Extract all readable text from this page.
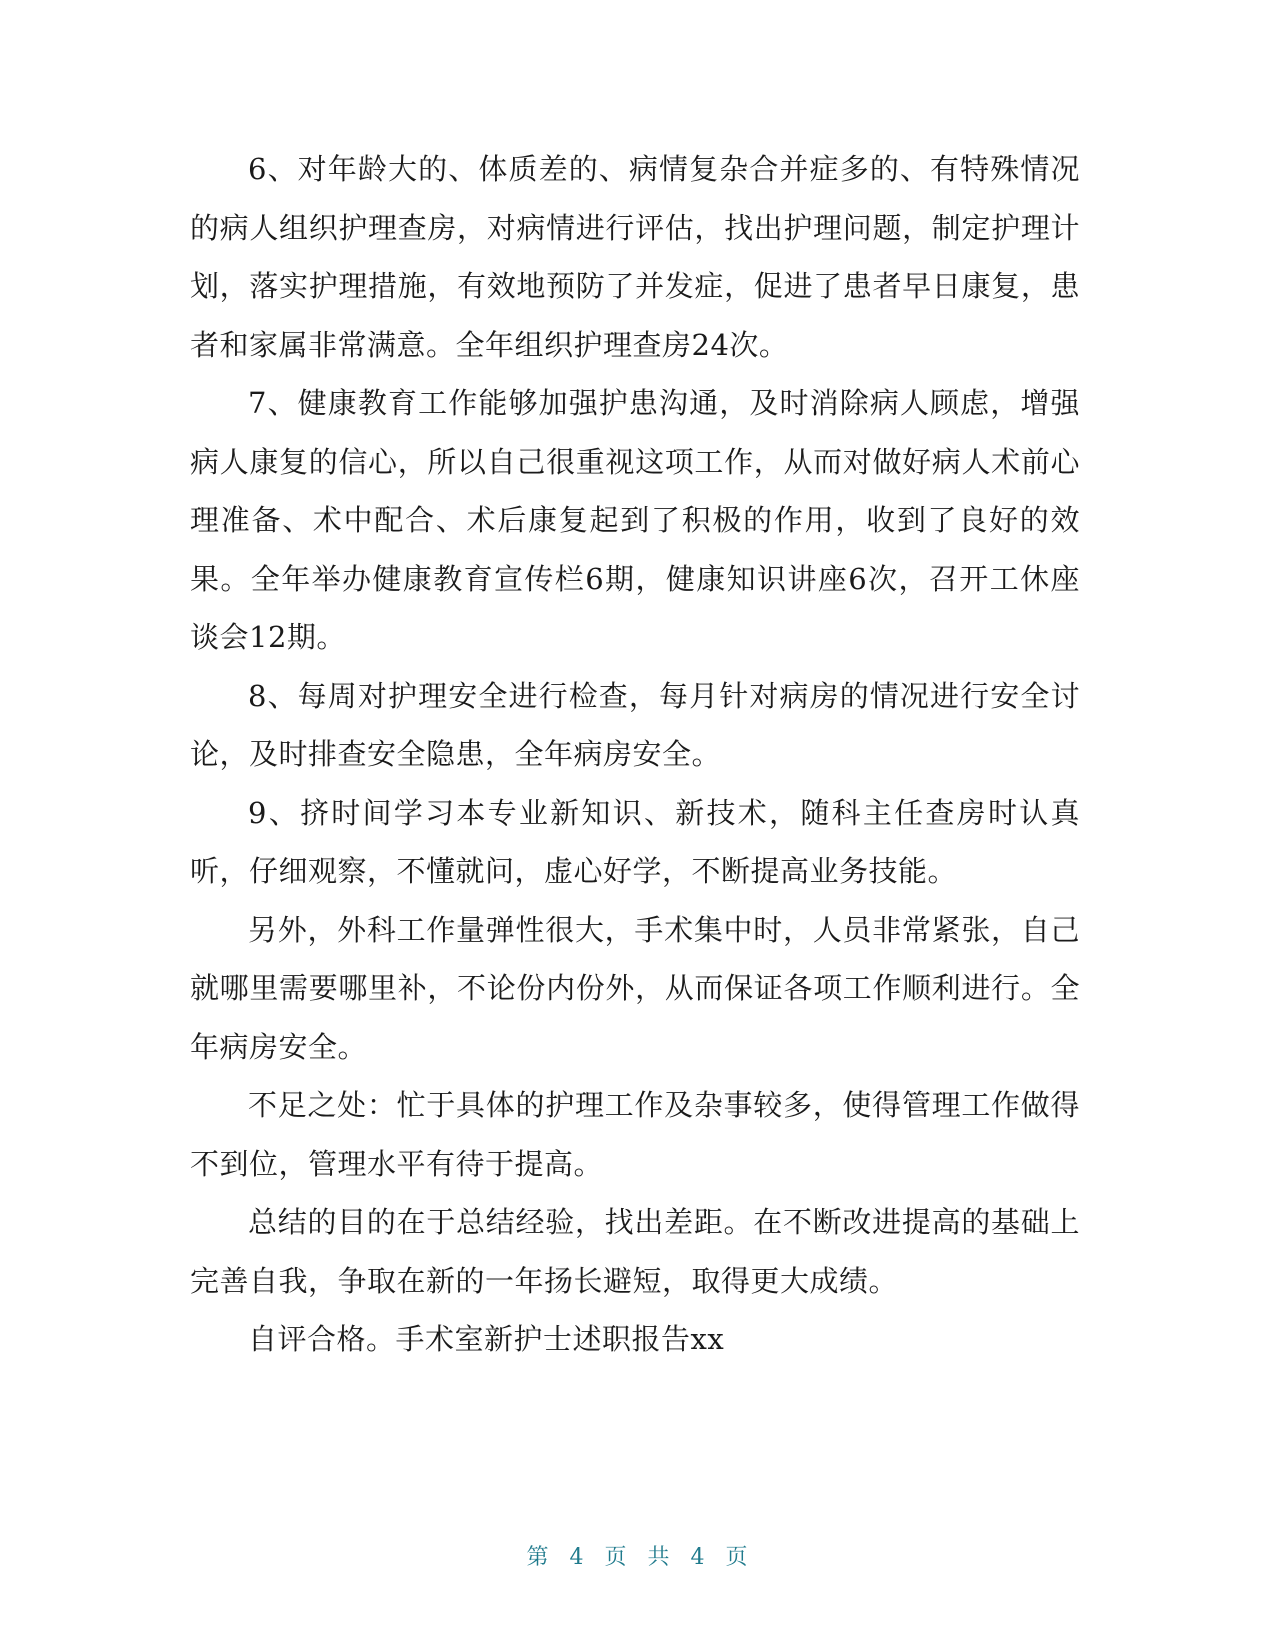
6、对年龄大的、体质差的、病情复杂合并症多的、有特殊情况的病人组织护理查房，对病情进行评估，找出护理问题，制定护理计划，落实护理措施，有效地预防了并发症，促进了患者早日康复，患者和家属非常满意。全年组织护理查房24次。

7、健康教育工作能够加强护患沟通，及时消除病人顾虑，增强病人康复的信心，所以自己很重视这项工作，从而对做好病人术前心理准备、术中配合、术后康复起到了积极的作用，收到了良好的效果。全年举办健康教育宣传栏6期，健康知识讲座6次，召开工休座谈会12期。

8、每周对护理安全进行检查，每月针对病房的情况进行安全讨论，及时排查安全隐患，全年病房安全。

9、挤时间学习本专业新知识、新技术，随科主任查房时认真听，仔细观察，不懂就问，虚心好学，不断提高业务技能。

另外，外科工作量弹性很大，手术集中时，人员非常紧张，自己就哪里需要哪里补，不论份内份外，从而保证各项工作顺利进行。全年病房安全。

不足之处：忙于具体的护理工作及杂事较多，使得管理工作做得不到位，管理水平有待于提高。

总结的目的在于总结经验，找出差距。在不断改进提高的基础上完善自我，争取在新的一年扬长避短，取得更大成绩。

自评合格。手术室新护士述职报告xx

第 4 页 共 4 页
